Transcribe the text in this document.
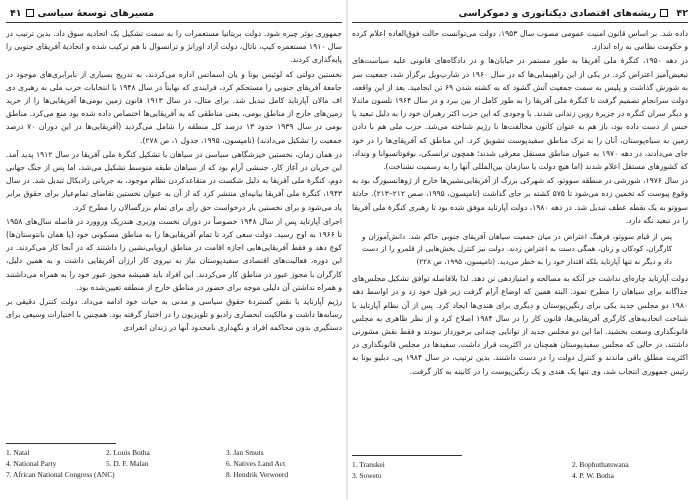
۴۱ مسیرهای توسعهٔ سیاسی

جمهوری بوئر چیره شود. دولت بریتانیا مستعمرات را به سمت تشکیل یک اتحادیه سوق داد. بدین ترتیب در سال ۱۹۱۰ مستعمره کیپ، ناتال، دولت آزاد اورانژ و ترانسوال با هم ترکیب شده و اتحادیهٔ آفریقای جنوبی را پایه‌گذاری کردند.

نخستین دولتی که لوئیس بوتا و یان اسماتس اداره می‌کردند، به تدریج بسیاری از نابرابری‌های موجود در جامعهٔ آفریقای جنوبی را مستحکم کرد، فرایندی که نهایتاً در سال ۱۹۴۸ با انتخابات حزب ملی به رهبری دی اف مالان آپارتاید کامل تبدیل شد. برای مثال، در سال ۱۹۱۳ قانون زمین بومی‌ها آفریقایی‌ها را از خرید زمین‌های خارج از مناطق بومی، یعنی مناطقی که به آفریقایی‌ها اختصاص داده شده بود منع می‌کرد. مناطق بومی در سال ۱۹۳۹ حدود ۱۳ درصد کل منطقه را شامل می‌گردید (آفریقایی‌ها در این دوران ۷۰ درصد جمعیت را تشکیل می‌دادند) (تامپسون، ۱۹۹۵، جدول ۱، ص ۲۷۸).

در همان زمان، نخستین خیزشگاهی سیاسی در سیاهان با تشکیل کنگرهٔ ملی آفریقا در سال ۱۹۱۲ پدید آمد. این جریان در آغاز کار، جنبشی آرام بود که از سیاهان طبقه متوسط تشکیل می‌شد، اما پس از جنگ جهانی دوم، کنگرهٔ ملی آفریقا به دلیل شکست در متقاعدکردن نظام موجود، به جریانی رادیکال تبدیل شد. در سال ۱۹۴۳، کنگرهٔ ملی آفریقا بیانیه‌ای منتشر کرد که از آن به عنوان نخستین تقاضای تمام‌عیار برای حقوق برابر یاد می‌شود و برای نخستین بار درخواست حق رأی برای تمام بزرگسالان را مطرح کرد.

اجرای آپارتاید پس از سال ۱۹۴۸ خصوصاً در دوران نخست وزیری هندریک وروورد در فاصله سال‌های ۱۹۵۸ تا ۱۹۶۶ به اوج رسید. دولت سعی کرد تا تمام آفریقایی‌ها را به مناطق مسکونی خود (یا همان بانتوستان‌ها) کوچ دهد و فقط آفریقایی‌هایی اجازه اقامت در مناطق اروپایی‌نشین را داشتند که در آنجا کار می‌کردند. در این دوره، فعالیت‌های اقتصادی سفیدپوستان نیاز به نیروی کار ارزان آفریقایی داشت و به همین دلیل، کارگران با مجوز عبور در مناطق کار می‌کردند. این افراد باید همیشه مجوز عبور خود را به همراه می‌داشتند و همراه نداشتن آن دلیلی موجه برای حضور در مناطق خارج از منطقه تعیین‌شده بود.

رژیم آپارتاید با نقض گستردهٔ حقوق سیاسی و مدنی به حیات خود ادامه می‌داد. دولت کنترل دقیقی بر رسانه‌ها داشت و مالکیت انحصاری رادیو و تلویزیون را در اختیار گرفته بود. همچنین با اختیارات وسیعی برای دستگیری بدون محاکمه افراد و نگهداری نامحدود آنها در زندان انفرادی

1. Natal	2. Louis Botha	3. Jan Smuts
4. National Party	5. D. F. Malan	6. Natives Land Act
7. African National Congress (ANC)	8. Hendrik Verwoerd
۴۲
ریشه‌های اقتصادی دیکتاتوری و دموکراسی

داده شد. بر اساس قانون امنیت عمومی مصوب سال ۱۹۵۳، دولت می‌توانست حالت فوق‌العاده اعلام کرده و حکومت نظامی به راه اندازد.

در دهه ۱۹۵۰، کنگرهٔ ملی آفریقا به طور مستمر در خیابان‌ها و در دادگاه‌های قانونی علیه سیاست‌های تبعیض‌آمیز اعتراض کرد. در یکی از این راهپیمایی‌ها که در سال ۱۹۶۰ در شارپ‌ویل برگزار شد، جمعیت سر به شورش گذاشت و پلیس به سمت جمعیت آتش گشود که به کشته شدن ۶۹ تن انجامید. بعد از این واقعه، دولت سرانجام تصمیم گرفت تا کنگرهٔ ملی آفریقا را به طور کامل از بین ببرد و در سال ۱۹۶۴ نلسون ماندلا و دیگر سران کنگره در جزیرهٔ روبن زندانی شدند. با وجودی که این حزب اکثر رهبران خود را به دلیل تبعید یا حبس از دست داده بود، باز هم به عنوان کانون مخالفت‌ها با رژیم شناخته می‌شد. حزب ملی هم با دادن زمین به سیاه‌پوستان، آنان را به ترک مناطق سفیدپوست تشویق کرد. این مناطق که آفریقای‌ها را در خود جای می‌دادند، در دهه ۱۹۷۰ به عنوان مناطق مستقل معرفی شدند؛ همچون ترانسکی، بوفوتاتسوانا و ونداد، که کشورهای مستقل اعلام شدند (اما هیچ دولت یا سازمان بین‌المللی آنها را به رسمیت نشناخت).

در سال ۱۹۷۶، شورشی در منطقه سووتو، که شهرکی بزرگ از آفریقایی‌نشین‌ها خارج از ژوهانسبورگ بود به وقوع پیوست که تخمین زده می‌شود تا ۵۷۵ کشته بر جای گذاشت (تامپسون، ۱۹۹۵، صص ۲۱۲–۲۱۳). حادثهٔ سووتو به یک نقطه عطف تبدیل شد. در دهه ۱۹۸۰، دولت آپارتاید موفق شده بود تا رهبری کنگرهٔ ملی آفریقا را در تبعید نگه دارد.

پس از قیام سووتو، فرهنگ اعتراض در میان جمعیت سیاهان آفریقای جنوبی حاکم شد. دانش‌آموزان و کارگران، کودکان و زنان، همگی دست به اعتراض زدند. دولت نیز کنترل بخش‌هایی از قلمرو را از دست داد و دیگر نه تنها آپارتاید بلکه اقتدار خود را به خطر می‌دید. (تامپسون، ۱۹۹۵، ص ۲۲۸)

دولت آپارتاید چاره‌ای نداشت جز آنکه به مصالحه و امتیازدهی تن دهد. لذا بلافاصله توافق تشکیل مجلس‌های جداگانه برای سیاهان را مطرح نمود. البته همین که اوضاع آرام گرفت زیر قول خود زد و در اواسط دهه ۱۹۸۰ دو مجلس جدید یکی برای رنگین‌پوستان و دیگری برای هندی‌ها ایجاد کرد. پس از آن نظام آپارتاید با شناخت اتحادیه‌های کارگری آفریقایی‌ها، قانون کار را در سال ۱۹۸۴ اصلاح کرد و از نظر ظاهری به مجلس قانونگذاری وسعت بخشید. اما این دو مجلس جدید از توانایی چندانی برخوردار نبودند و فقط نقش مشورتی داشتند، در حالی که مجلس سفیدپوستان همچنان در اکثریت قرار داشت. سفیدها در مجلس قانونگذاری در اکثریت مطلق باقی ماندند و کنترل دولت را در دست داشتند. بدین ترتیب، در سال ۱۹۸۴ پی. دبلیو بوتا به رئیس جمهوری انتخاب شد، وی تنها یک هندی و یک رنگین‌پوست را در کابینه به کار گرفت.

1. Transkei	2. Bophuthatswana
3. Soweto	4. P. W. Botha
